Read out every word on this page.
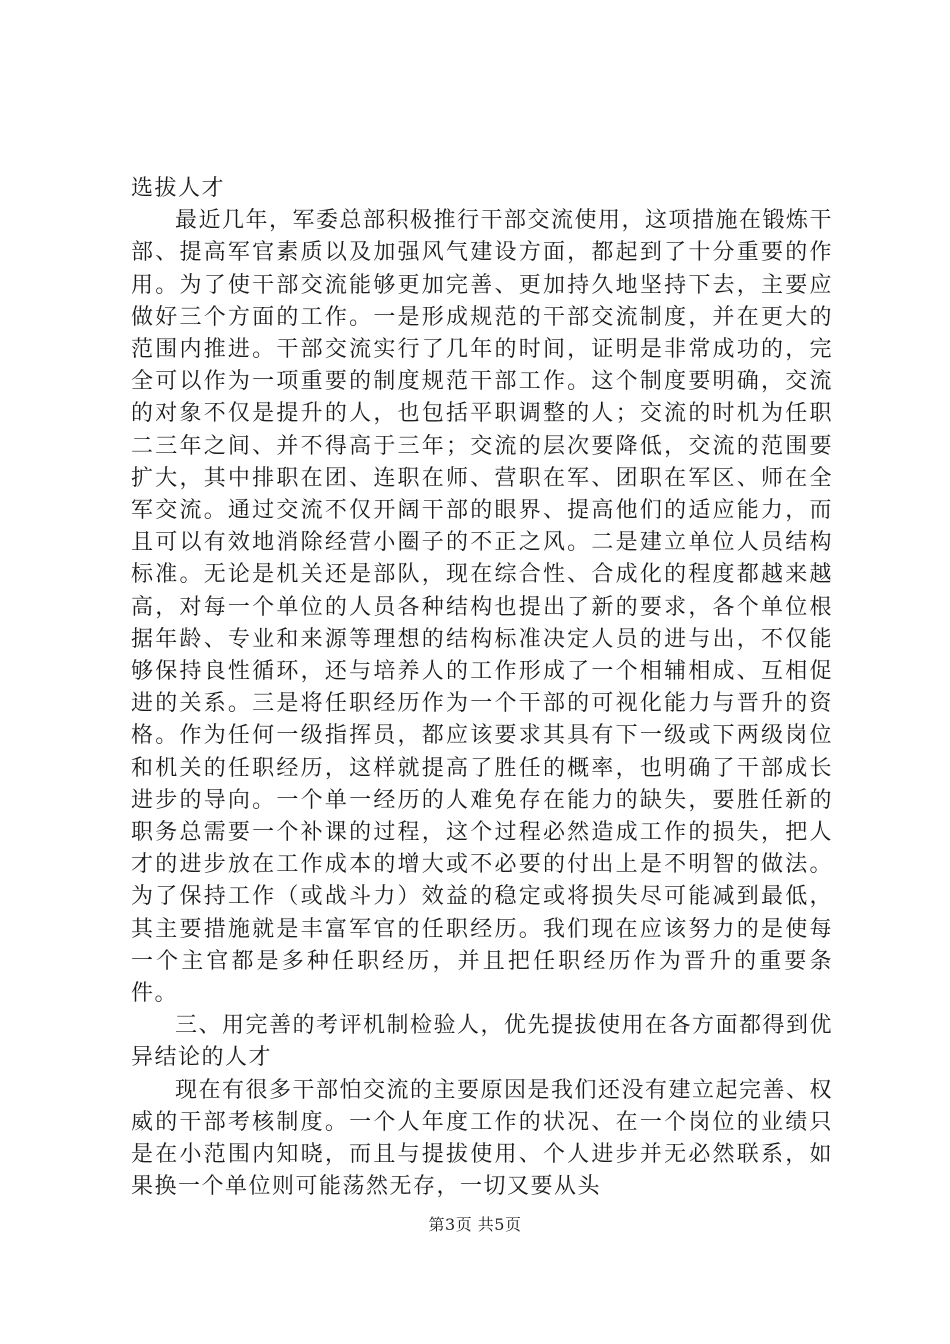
选拔人才

最近几年，军委总部积极推行干部交流使用，这项措施在锻炼干部、提高军官素质以及加强风气建设方面，都起到了十分重要的作用。为了使干部交流能够更加完善、更加持久地坚持下去，主要应做好三个方面的工作。一是形成规范的干部交流制度，并在更大的范围内推进。干部交流实行了几年的时间，证明是非常成功的，完全可以作为一项重要的制度规范干部工作。这个制度要明确，交流的对象不仅是提升的人，也包括平职调整的人；交流的时机为任职二三年之间、并不得高于三年；交流的层次要降低，交流的范围要扩大，其中排职在团、连职在师、营职在军、团职在军区、师在全军交流。通过交流不仅开阔干部的眼界、提高他们的适应能力，而且可以有效地消除经营小圈子的不正之风。二是建立单位人员结构标准。无论是机关还是部队，现在综合性、合成化的程度都越来越高，对每一个单位的人员各种结构也提出了新的要求，各个单位根据年龄、专业和来源等理想的结构标准决定人员的进与出，不仅能够保持良性循环，还与培养人的工作形成了一个相辅相成、互相促进的关系。三是将任职经历作为一个干部的可视化能力与晋升的资格。作为任何一级指挥员，都应该要求其具有下一级或下两级岗位和机关的任职经历，这样就提高了胜任的概率，也明确了干部成长进步的导向。一个单一经历的人难免存在能力的缺失，要胜任新的职务总需要一个补课的过程，这个过程必然造成工作的损失，把人才的进步放在工作成本的增大或不必要的付出上是不明智的做法。为了保持工作（或战斗力）效益的稳定或将损失尽可能减到最低，其主要措施就是丰富军官的任职经历。我们现在应该努力的是使每一个主官都是多种任职经历，并且把任职经历作为晋升的重要条件。

三、用完善的考评机制检验人，优先提拔使用在各方面都得到优异结论的人才

现在有很多干部怕交流的主要原因是我们还没有建立起完善、权威的干部考核制度。一个人年度工作的状况、在一个岗位的业绩只是在小范围内知晓，而且与提拔使用、个人进步并无必然联系，如果换一个单位则可能荡然无存，一切又要从头

第3页 共5页
